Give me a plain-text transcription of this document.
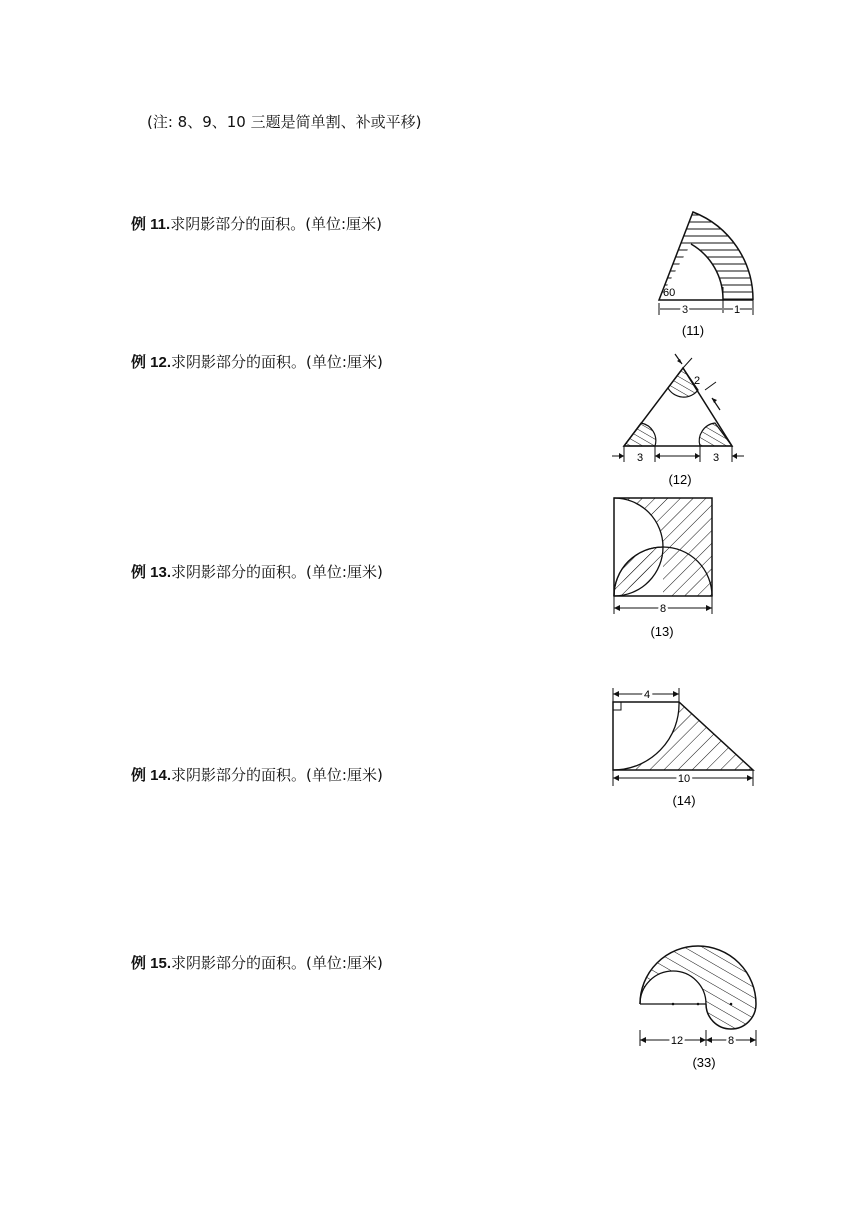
(注: 8、9、10 三题是简单割、补或平移)
例 11.求阴影部分的面积。(单位:厘米)
60
3	1
(11)
例 12.求阴影部分的面积。(单位:厘米)
2
3	3
(12)
例 13.求阴影部分的面积。(单位:厘米)
8
(13)
例 14.求阴影部分的面积。(单位:厘米)
4
10
(14)
例 15.求阴影部分的面积。(单位:厘米)
12	8
(33)
